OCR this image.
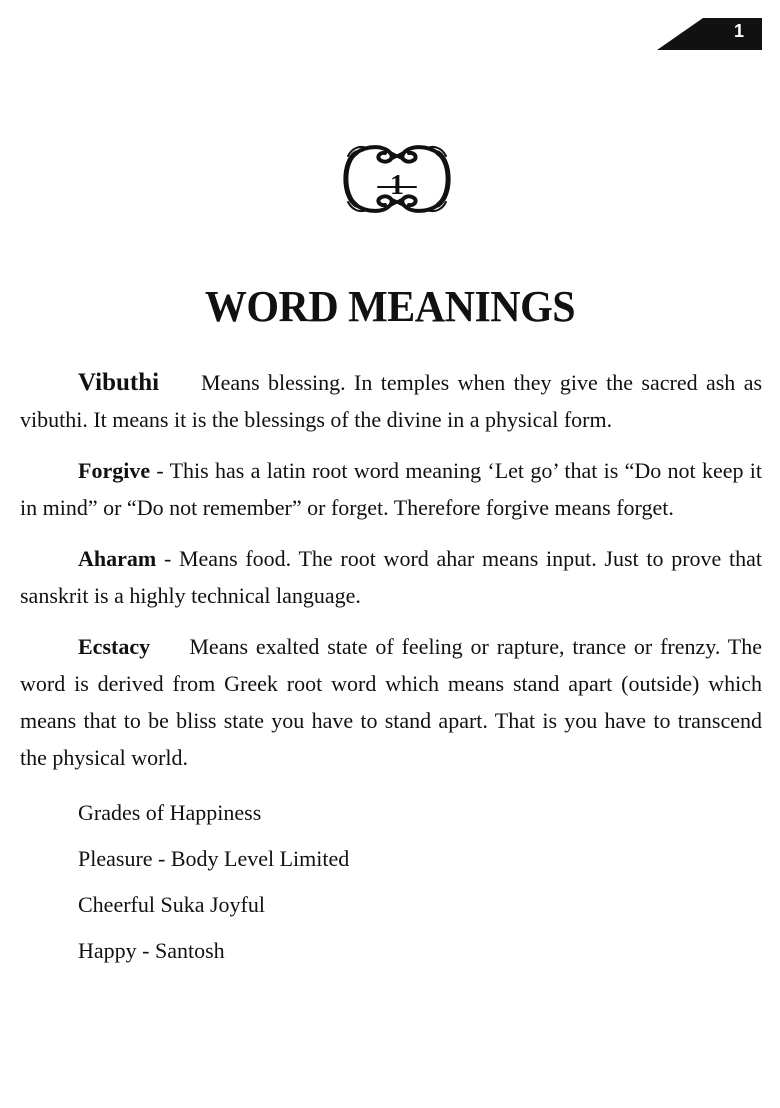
1
1
WORD MEANINGS

Vibuthi Means blessing. In temples when they give the sacred ash as vibuthi. It means it is the blessings of the divine in a physical form.

Forgive - This has a latin root word meaning ‘Let go’ that is “Do not keep it in mind” or “Do not remember” or forget. Therefore forgive means forget.

Aharam - Means food. The root word ahar means input. Just to prove that sanskrit is a highly technical language.

Ecstacy Means exalted state of feeling or rapture, trance or frenzy. The word is derived from Greek root word which means stand apart (outside) which means that to be bliss state you have to stand apart. That is you have to transcend the physical world.

Grades of Happiness

Pleasure - Body Level Limited

Cheerful Suka Joyful

Happy - Santosh
